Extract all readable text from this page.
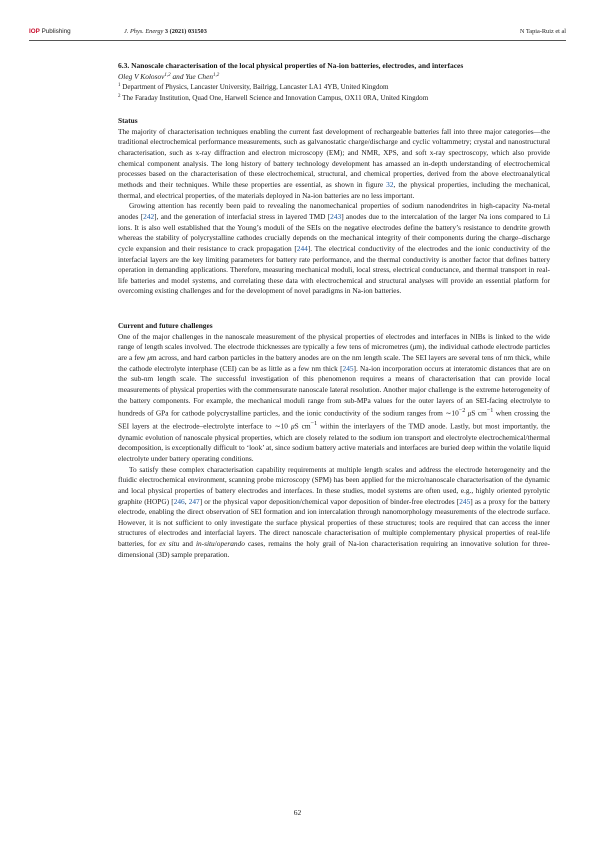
IOP Publishing	J. Phys. Energy 3 (2021) 031503	N Tapia-Ruiz et al

6.3. Nanoscale characterisation of the local physical properties of Na-ion batteries, electrodes, and interfaces

Oleg V Kolosov$^{1,2}$ and Yue Chen$^{1,2}$

$^1$ Department of Physics, Lancaster University, Bailrigg, Lancaster LA1 4YB, United Kingdom

$^2$ The Faraday Institution, Quad One, Harwell Science and Innovation Campus, OX11 0RA, United Kingdom

Status

The majority of characterisation techniques enabling the current fast development of rechargeable batteries fall into three major categories—the traditional electrochemical performance measurements, such as galvanostatic charge/discharge and cyclic voltammetry; crystal and nanostructural characterisation, such as x-ray diffraction and electron microscopy (EM); and NMR, XPS, and soft x-ray spectroscopy, which also provide chemical component analysis. The long history of battery technology development has amassed an in-depth understanding of electrochemical processes based on the characterisation of these electrochemical, structural, and chemical properties, derived from the above electroanalytical methods and their techniques. While these properties are essential, as shown in figure 32, the physical properties, including the mechanical, thermal, and electrical properties, of the materials deployed in Na-ion batteries are no less important.

Growing attention has recently been paid to revealing the nanomechanical properties of sodium nanodendrites in high-capacity Na-metal anodes [242], and the generation of interfacial stress in layered TMD [243] anodes due to the intercalation of the larger Na ions compared to Li ions. It is also well established that the Young’s moduli of the SEIs on the negative electrodes define the battery’s resistance to dendrite growth whereas the stability of polycrystalline cathodes crucially depends on the mechanical integrity of their components during the charge–discharge cycle expansion and their resistance to crack propagation [244]. The electrical conductivity of the electrodes and the ionic conductivity of the interfacial layers are the key limiting parameters for battery rate performance, and the thermal conductivity is another factor that defines battery operation in demanding applications. Therefore, measuring mechanical moduli, local stress, electrical conductance, and thermal transport in real-life batteries and model systems, and correlating these data with electrochemical and structural analyses will provide an essential platform for overcoming existing challenges and for the development of novel paradigms in Na-ion batteries.

Current and future challenges

One of the major challenges in the nanoscale measurement of the physical properties of electrodes and interfaces in NIBs is linked to the wide range of length scales involved. The electrode thicknesses are typically a few tens of micrometres (μm), the individual cathode electrode particles are a few μm across, and hard carbon particles in the battery anodes are on the nm length scale. The SEI layers are several tens of nm thick, while the cathode electrolyte interphase (CEI) can be as little as a few nm thick [245]. Na-ion incorporation occurs at interatomic distances that are on the sub-nm length scale. The successful investigation of this phenomenon requires a means of characterisation that can provide local measurements of physical properties with the commensurate nanoscale lateral resolution. Another major challenge is the extreme heterogeneity of the battery components. For example, the mechanical moduli range from sub-MPa values for the outer layers of an SEI-facing electrolyte to hundreds of GPa for cathode polycrystalline particles, and the ionic conductivity of the sodium ranges from $\sim 10^{-2}$ μS $cm^{-1}$ when crossing the SEI layers at the electrode–electrolyte interface to ∼10 μS $cm^{-1}$ within the interlayers of the TMD anode. Lastly, but most importantly, the dynamic evolution of nanoscale physical properties, which are closely related to the sodium ion transport and electrolyte electrochemical/thermal decomposition, is exceptionally difficult to ‘look’ at, since sodium battery active materials and interfaces are buried deep within the volatile liquid electrolyte under battery operating conditions.

To satisfy these complex characterisation capability requirements at multiple length scales and address the electrode heterogeneity and the fluidic electrochemical environment, scanning probe microscopy (SPM) has been applied for the micro/nanoscale characterisation of the dynamic and local physical properties of battery electrodes and interfaces. In these studies, model systems are often used, e.g., highly oriented pyrolytic graphite (HOPG) [246, 247] or the physical vapor deposition/chemical vapor deposition of binder-free electrodes [245] as a proxy for the battery electrode, enabling the direct observation of SEI formation and ion intercalation through nanomorphology measurements of the electrode surface. However, it is not sufficient to only investigate the surface physical properties of these structures; tools are required that can access the inner structures of electrodes and interfacial layers. The direct nanoscale characterisation of multiple complementary physical properties of real-life batteries, for ex situ and in-situ/operando cases, remains the holy grail of Na-ion characterisation requiring an innovative solution for three-dimensional (3D) sample preparation.

62
